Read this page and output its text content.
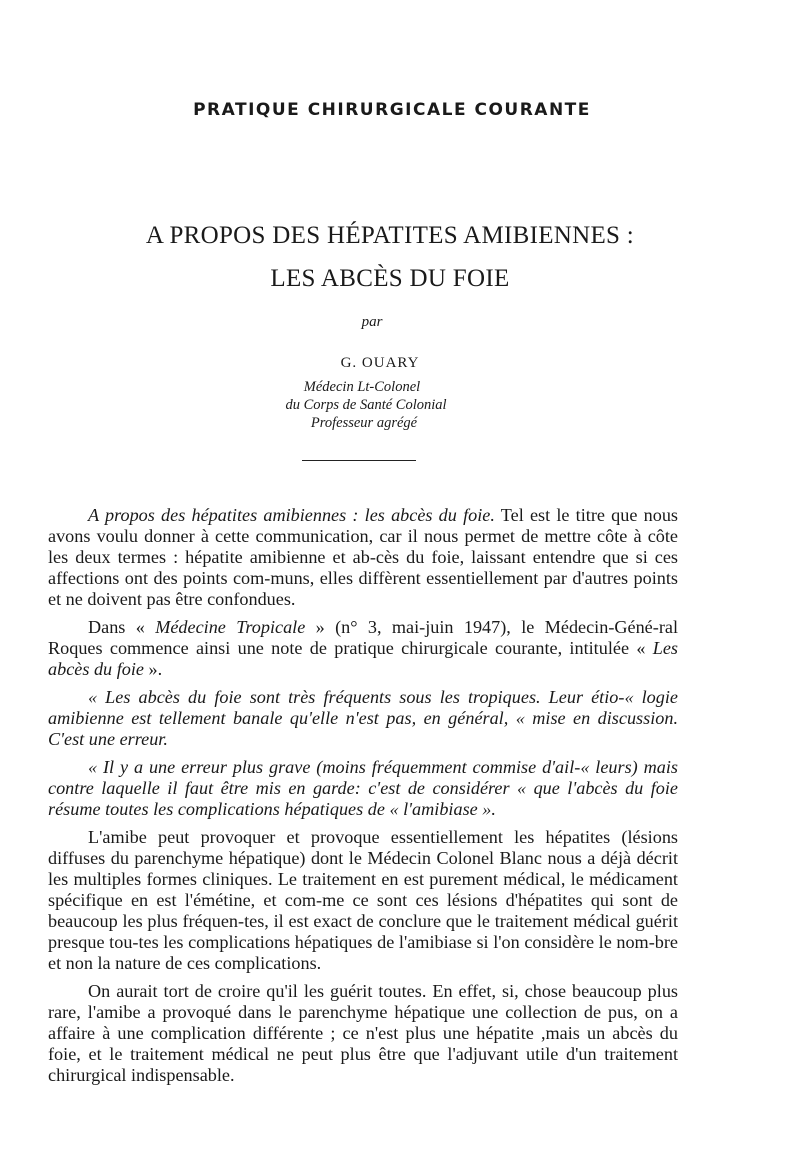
PRATIQUE CHIRURGICALE COURANTE
A PROPOS DES HÉPATITES AMIBIENNES :
LES ABCÈS DU FOIE
par
G. OUARY
Médecin Lt-Colonel
du Corps de Santé Colonial
Professeur agrégé

A propos des hépatites amibiennes : les abcès du foie. Tel est le titre que nous avons voulu donner à cette communication, car il nous permet de mettre côte à côte les deux termes : hépatite amibienne et ab-cès du foie, laissant entendre que si ces affections ont des points com-muns, elles diffèrent essentiellement par d'autres points et ne doivent pas être confondues.

Dans « Médecine Tropicale » (n° 3, mai-juin 1947), le Médecin-Géné-ral Roques commence ainsi une note de pratique chirurgicale courante, intitulée « Les abcès du foie ».

« Les abcès du foie sont très fréquents sous les tropiques. Leur étio-« logie amibienne est tellement banale qu'elle n'est pas, en général, « mise en discussion. C'est une erreur.

« Il y a une erreur plus grave (moins fréquemment commise d'ail-« leurs) mais contre laquelle il faut être mis en garde: c'est de considérer « que l'abcès du foie résume toutes les complications hépatiques de « l'amibiase ».

L'amibe peut provoquer et provoque essentiellement les hépatites (lésions diffuses du parenchyme hépatique) dont le Médecin Colonel Blanc nous a déjà décrit les multiples formes cliniques. Le traitement en est purement médical, le médicament spécifique en est l'émétine, et com-me ce sont ces lésions d'hépatites qui sont de beaucoup les plus fréquen-tes, il est exact de conclure que le traitement médical guérit presque tou-tes les complications hépatiques de l'amibiase si l'on considère le nom-bre et non la nature de ces complications.

On aurait tort de croire qu'il les guérit toutes. En effet, si, chose beaucoup plus rare, l'amibe a provoqué dans le parenchyme hépatique une collection de pus, on a affaire à une complication différente ; ce n'est plus une hépatite ,mais un abcès du foie, et le traitement médical ne peut plus être que l'adjuvant utile d'un traitement chirurgical indispensable.
